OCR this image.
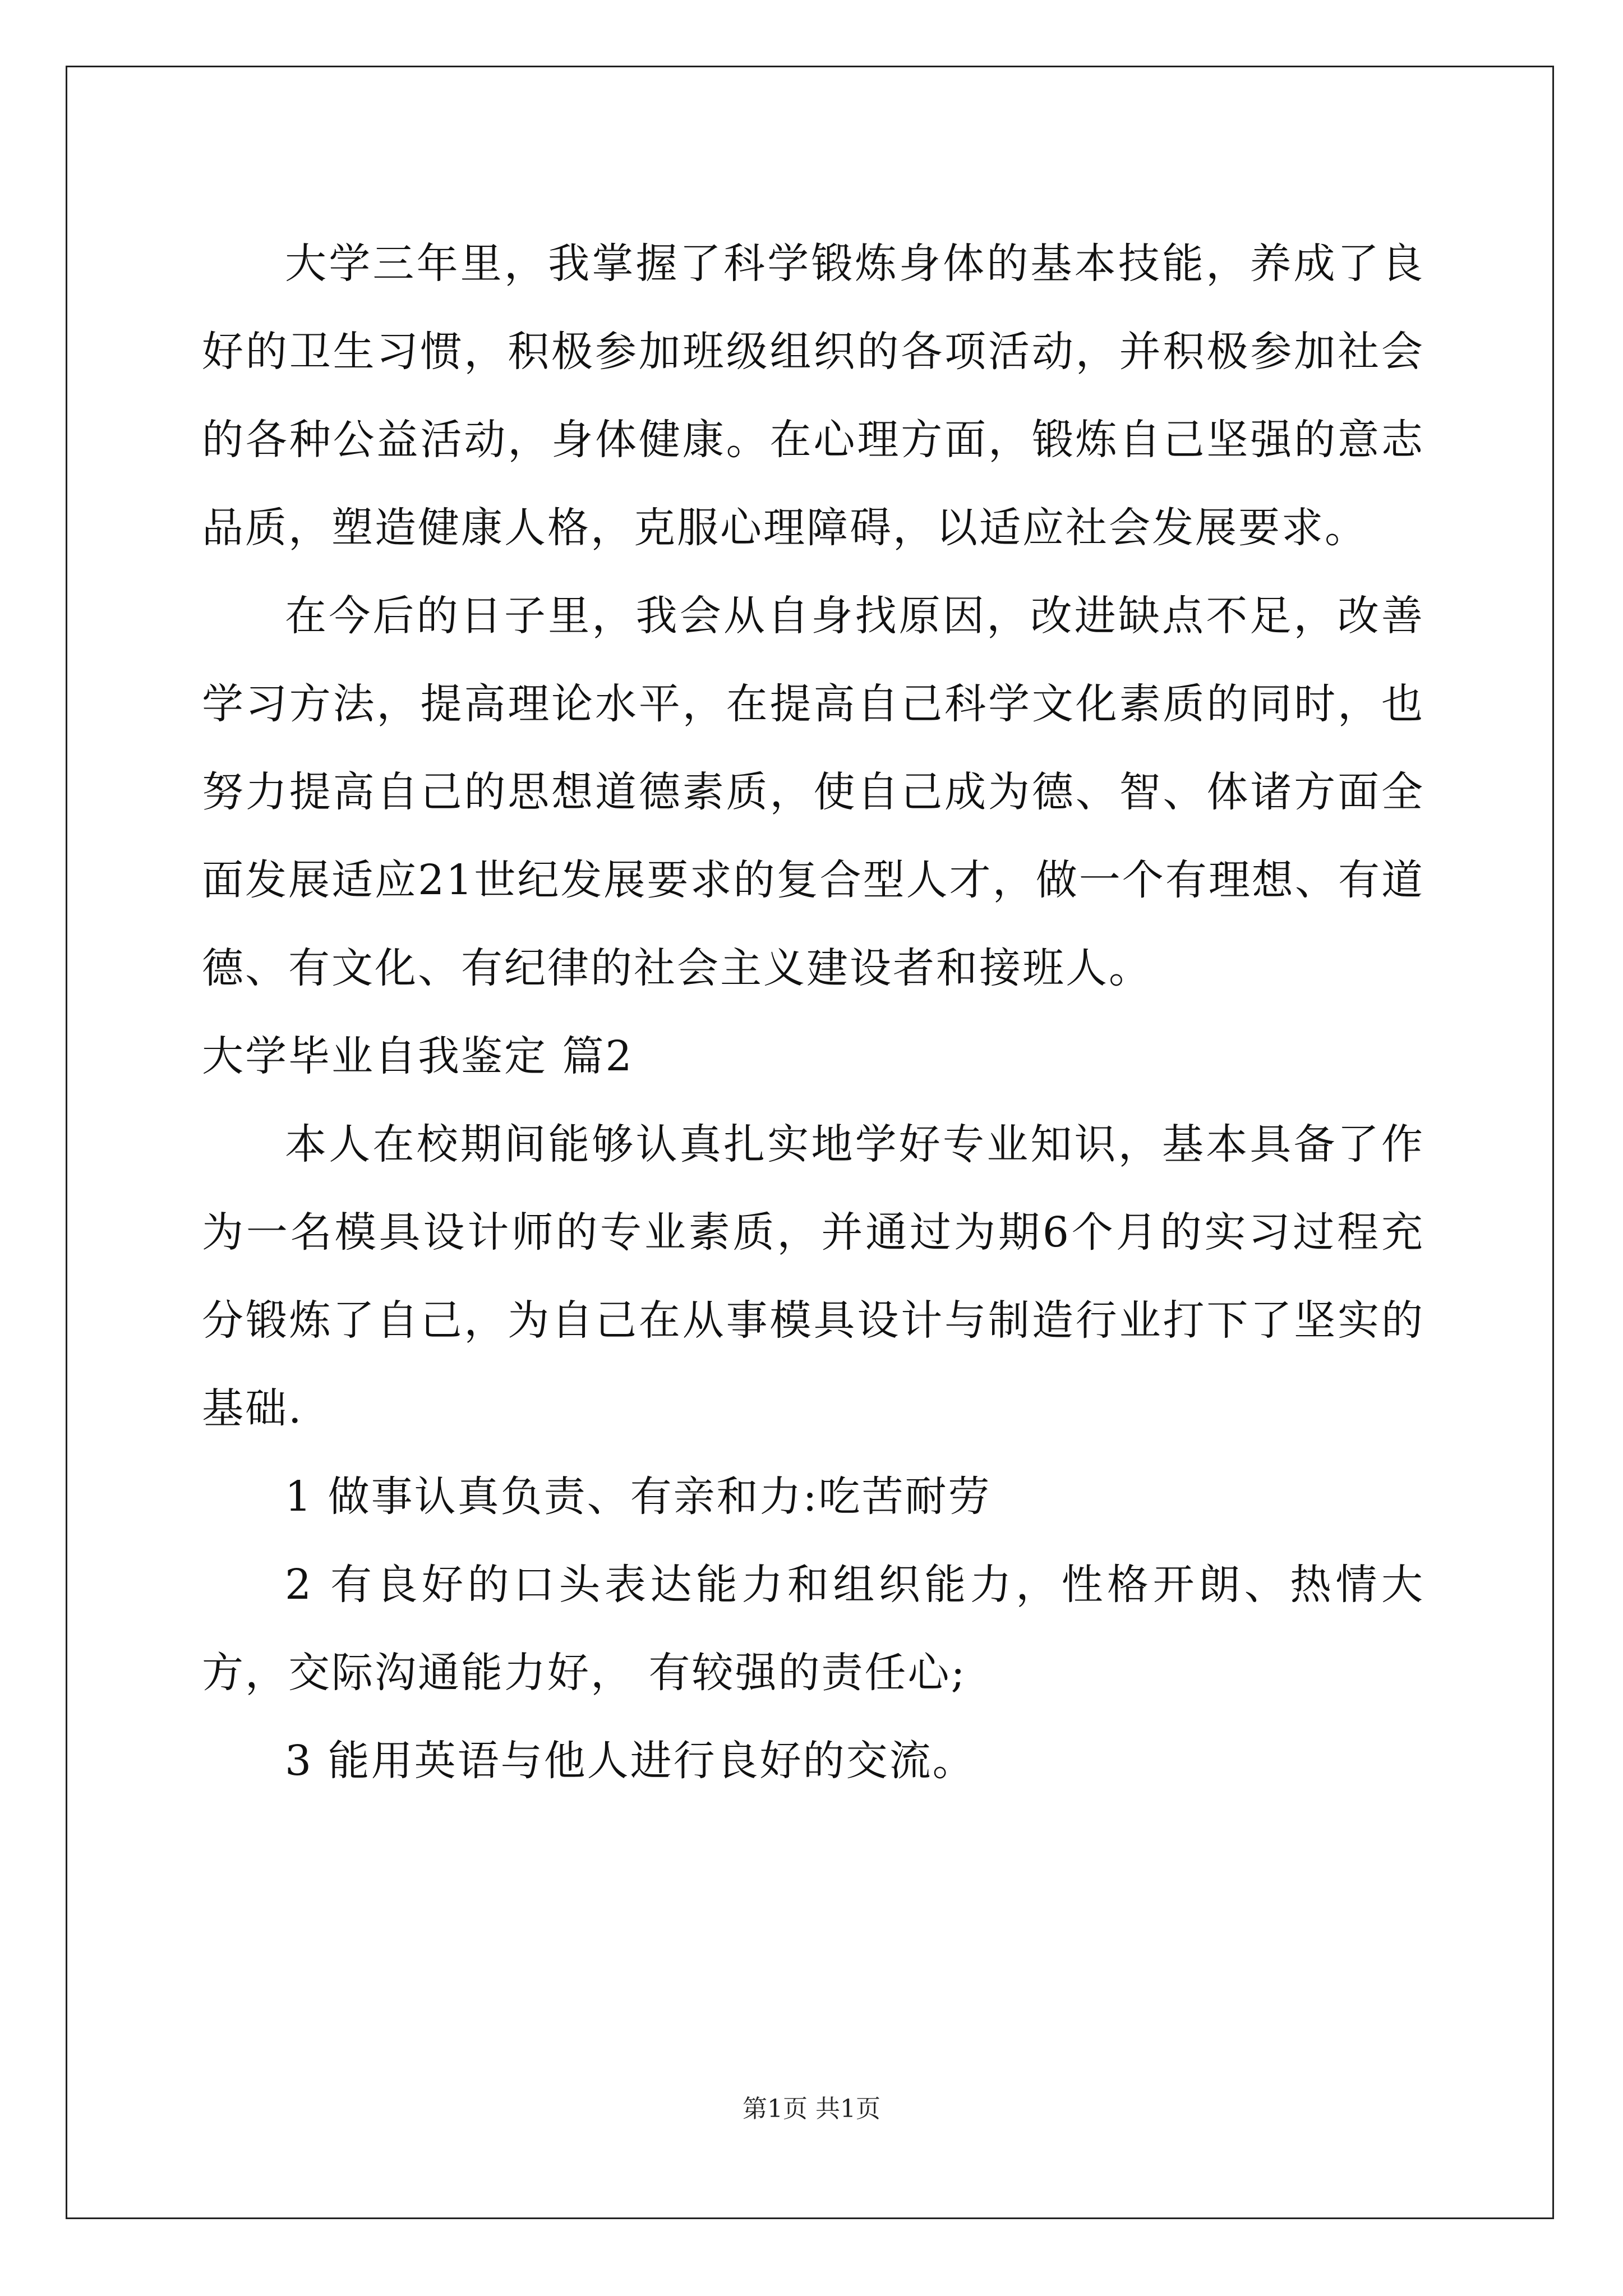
大学三年里，我掌握了科学锻炼身体的基本技能，养成了良好的卫生习惯，积极参加班级组织的各项活动，并积极参加社会的各种公益活动，身体健康。在心理方面，锻炼自己坚强的意志品质，塑造健康人格，克服心理障碍，以适应社会发展要求。

在今后的日子里，我会从自身找原因，改进缺点不足，改善学习方法，提高理论水平，在提高自己科学文化素质的同时，也努力提高自己的思想道德素质，使自己成为德、智、体诸方面全面发展适应21世纪发展要求的复合型人才，做一个有理想、有道德、有文化、有纪律的社会主义建设者和接班人。

大学毕业自我鉴定 篇2

本人在校期间能够认真扎实地学好专业知识，基本具备了作为一名模具设计师的专业素质，并通过为期6个月的实习过程充分锻炼了自己，为自己在从事模具设计与制造行业打下了坚实的基础.

1 做事认真负责、有亲和力:吃苦耐劳

2 有良好的口头表达能力和组织能力，性格开朗、热情大方，交际沟通能力好， 有较强的责任心;

3 能用英语与他人进行良好的交流。

第1页 共1页
